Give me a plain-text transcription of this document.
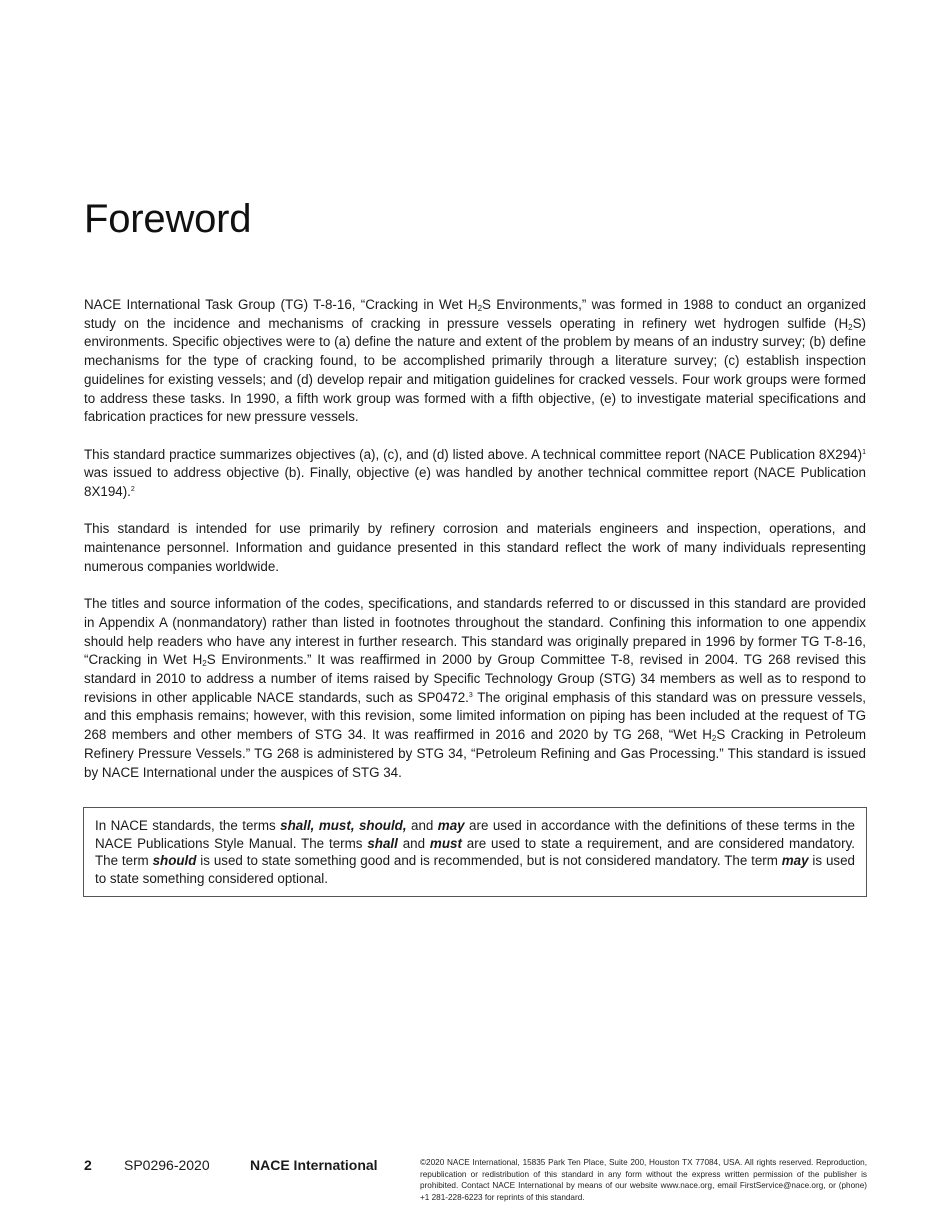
Foreword

NACE International Task Group (TG) T-8-16, “Cracking in Wet $H_2S$ Environments,” was formed in 1988 to conduct an organized study on the incidence and mechanisms of cracking in pressure vessels operating in refinery wet hydrogen sulfide $(H_2S)$ environments. Specific objectives were to (a) define the nature and extent of the problem by means of an industry survey; (b) define mechanisms for the type of cracking found, to be accomplished primarily through a literature survey; (c) establish inspection guidelines for existing vessels; and (d) develop repair and mitigation guidelines for cracked vessels. Four work groups were formed to address these tasks. In 1990, a fifth work group was formed with a fifth objective, (e) to investigate material specifications and fabrication practices for new pressure vessels.

This standard practice summarizes objectives (a), (c), and (d) listed above. A technical committee report (NACE Publication 8X294)$^1$ was issued to address objective (b). Finally, objective (e) was handled by another technical committee report (NACE Publication 8X194).$^2$

This standard is intended for use primarily by refinery corrosion and materials engineers and inspection, operations, and maintenance personnel. Information and guidance presented in this standard reflect the work of many individuals representing numerous companies worldwide.

The titles and source information of the codes, specifications, and standards referred to or discussed in this standard are provided in Appendix A (nonmandatory) rather than listed in footnotes throughout the standard. Confining this information to one appendix should help readers who have any interest in further research. This standard was originally prepared in 1996 by former TG T-8-16, “Cracking in Wet $H_2S$ Environments.” It was reaffirmed in 2000 by Group Committee T-8, revised in 2004. TG 268 revised this standard in 2010 to address a number of items raised by Specific Technology Group (STG) 34 members as well as to respond to revisions in other applicable NACE standards, such as SP0472.$^3$ The original emphasis of this standard was on pressure vessels, and this emphasis remains; however, with this revision, some limited information on piping has been included at the request of TG 268 members and other members of STG 34. It was reaffirmed in 2016 and 2020 by TG 268, “Wet $H_2S$ Cracking in Petroleum Refinery Pressure Vessels.” TG 268 is administered by STG 34, “Petroleum Refining and Gas Processing.” This standard is issued by NACE International under the auspices of STG 34.

In NACE standards, the terms shall, must, should, and may are used in accordance with the definitions of these terms in the NACE Publications Style Manual. The terms shall and must are used to state a requirement, and are considered mandatory. The term should is used to state something good and is recommended, but is not considered mandatory. The term may is used to state something considered optional.
2 SP0296-2020	NACE International	©2020 NACE International, 15835 Park Ten Place, Suite 200, Houston TX 77084, USA. All rights reserved. Reproduction, republication or redistribution of this standard in any form without the express written permission of the publisher is prohibited. Contact NACE International by means of our website www.nace.org, email FirstService@nace.org, or (phone) +1 281-228-6223 for reprints of this standard.
